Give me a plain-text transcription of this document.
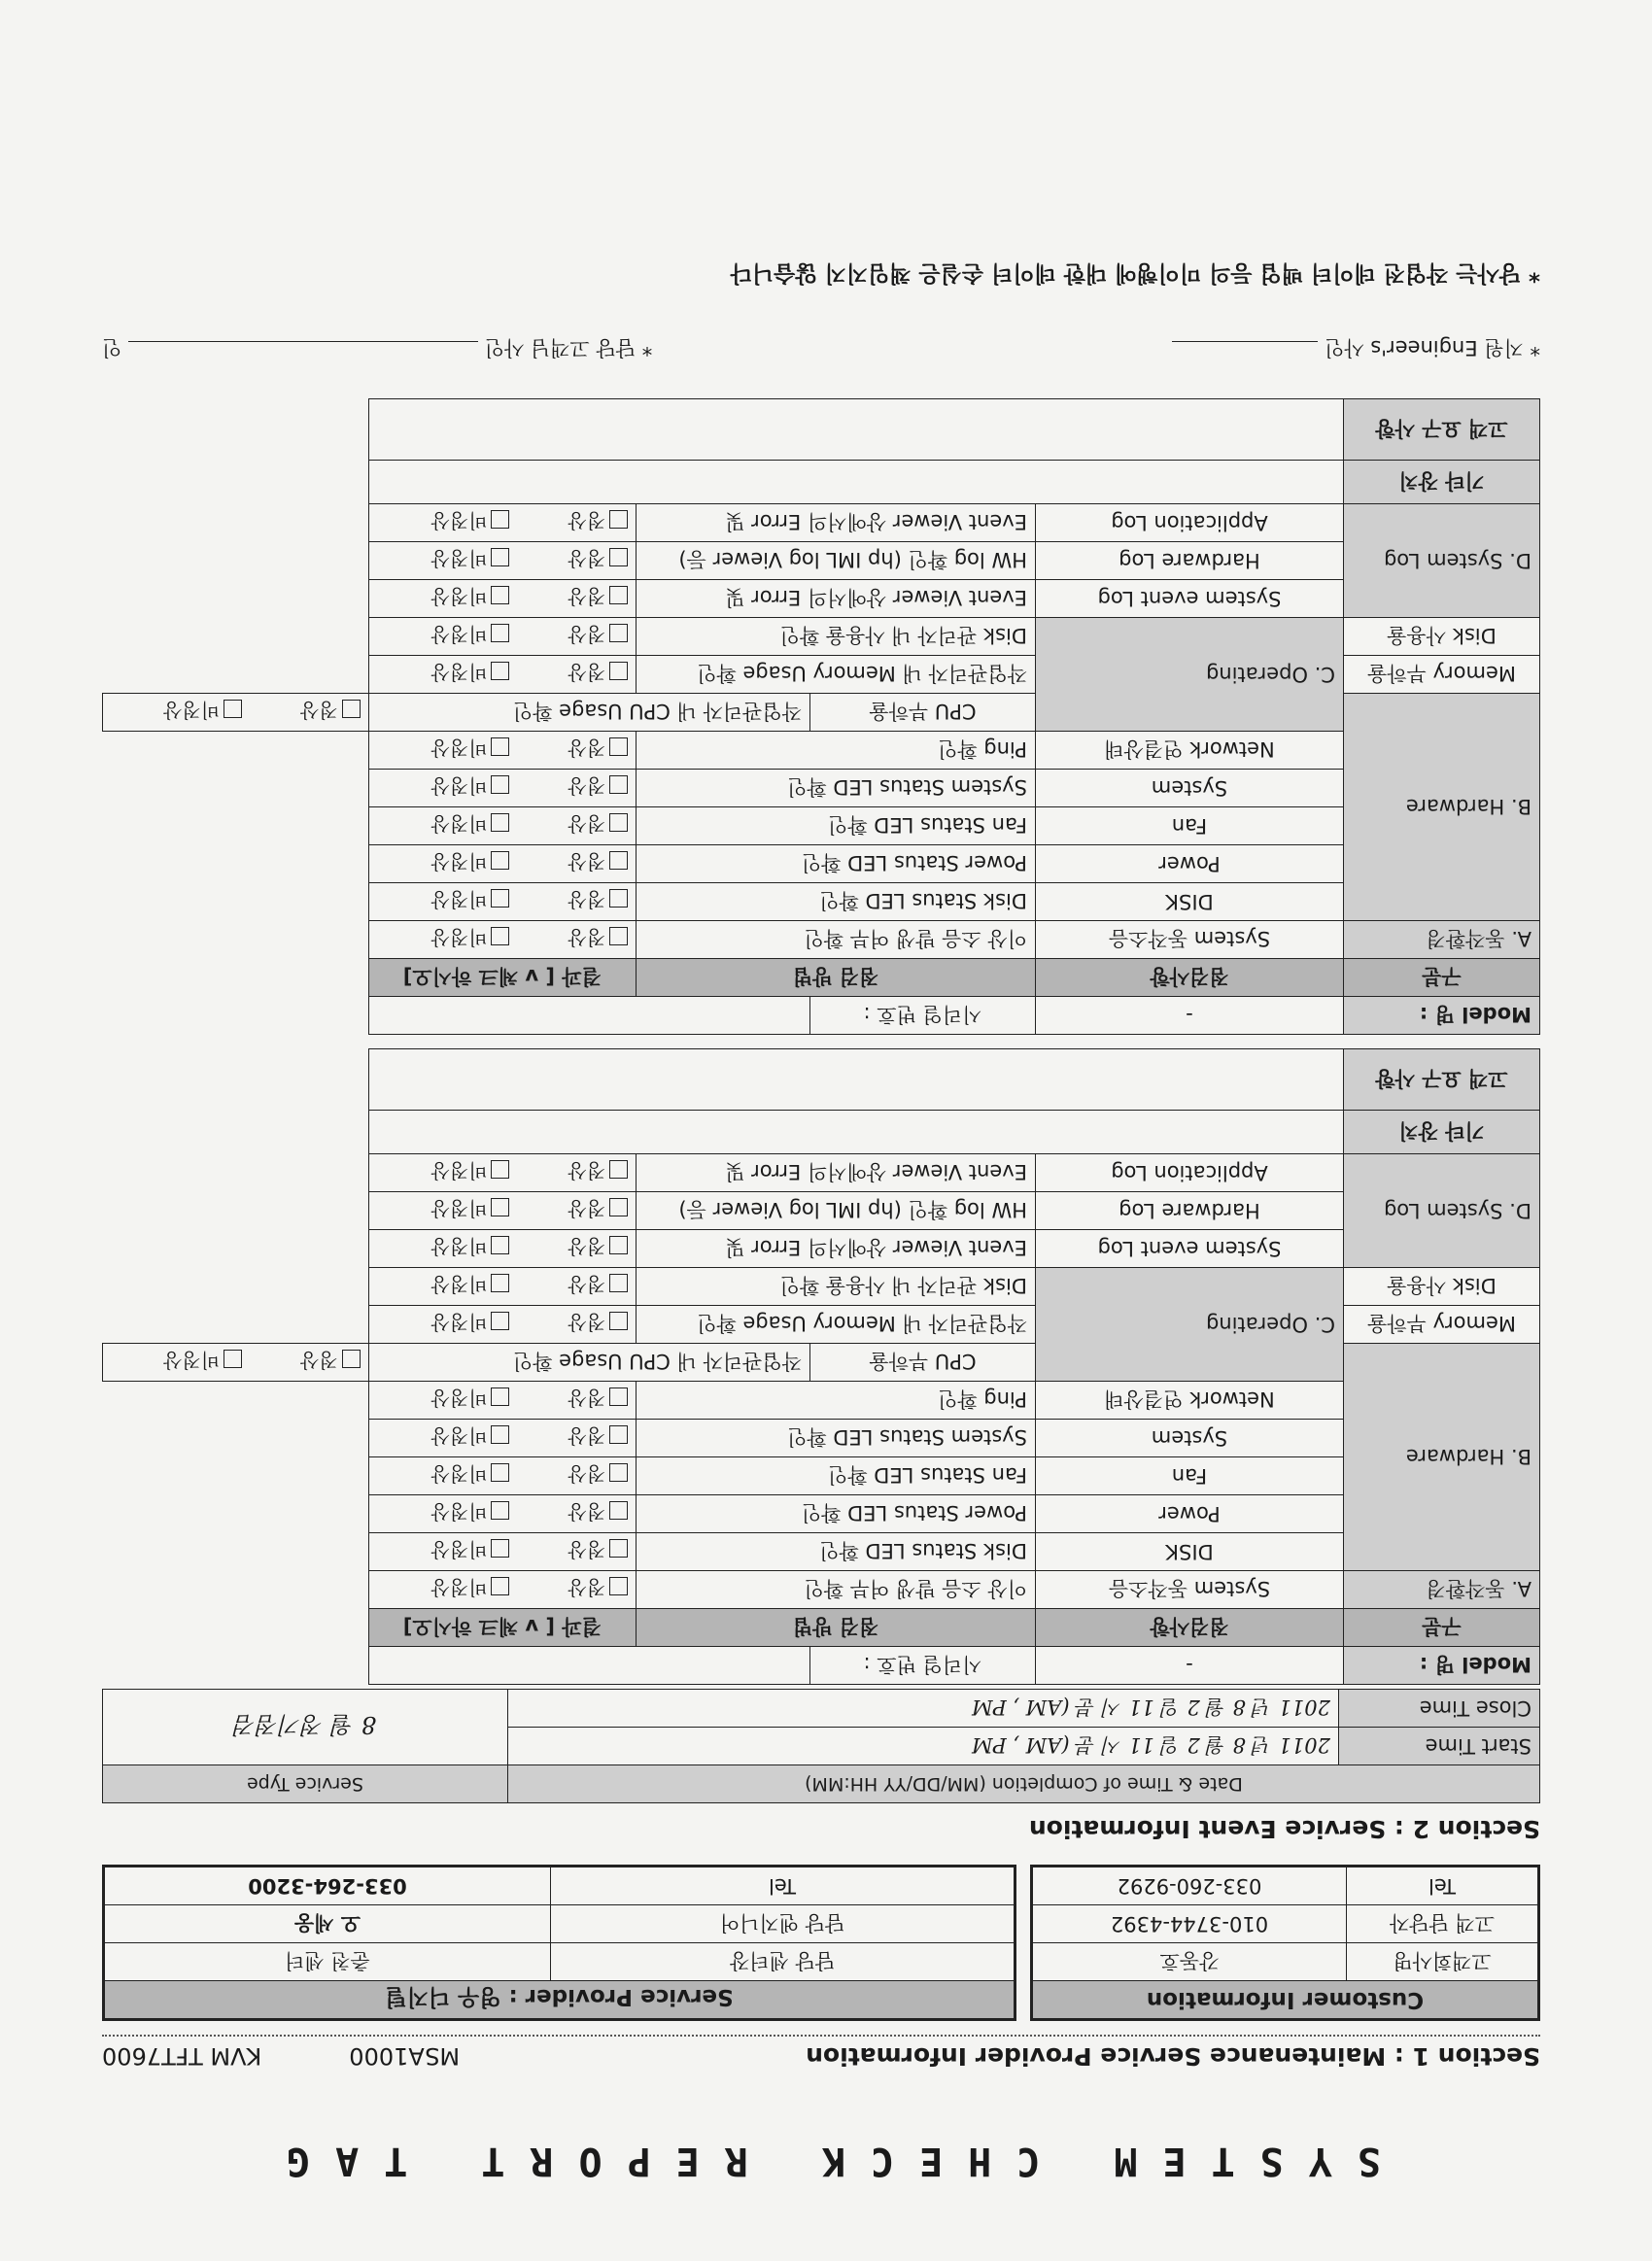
SYSTEM CHECK REPORT TAG
Section 1 : Maintenance Service Provider Information
MSA1000
KVM TFT7600
Customer Information	
고객회사명	강동호
고객 담당자	010-3744-4392
Tel	033-260-9292
Service Provider : 영우 디지털	
담당 센터장	춘천 센터
담당 엔지니어	오 세웅
Tel	033-264-3200
Section 2 : Service Event Information
Date & Time of Completion (MM/DD/YY HH:MM)		Service Type
Start Time	2011 년 8 월 2 일 11 시 분 (AM , PM	8 월 정기점검
Close Time	2011 년 8 월 2 일 11 시 분 (AM , PM	
Model 명 :	-	시리얼 번호 :			
구분	점검사항	점검 방법		결과 [ v 체크 하시오]	
A. 동작환경	System 동작소음	이상 소음 발생 여부 확인		정상비정상	
B. Hardware	DISK	Disk Status LED 확인		정상비정상	
	Power	Power Status LED 확인		정상비정상	
	Fan	Fan Status LED 확인		정상비정상	
	System	System Status LED 확인		정상비정상	
	Network 연결상태	Ping 확인		정상비정상	
	C. Operating	CPU 부하율	작업관리자 내 CPU Usage 확인		정상비정상
Memory 부하율		작업관리자 내 Memory Usage 확인		정상비정상	
Disk 사용율		Disk 관리자 내 사용율 확인		정상비정상	
D. System Log	System event Log	Event Viewer 상에서의 Error 및		정상비정상	
	Hardware Log	HW log 확인 (hp IML log Viewer 등)		정상비정상	
	Application Log	Event Viewer 상에서의 Error 및		정상비정상	
기타 장치					
고객 요구 사항					
Model 명 :	-	시리얼 번호 :			
구분	점검사항	점검 방법		결과 [ v 체크 하시오]	
A. 동작환경	System 동작소음	이상 소음 발생 여부 확인		정상비정상	
B. Hardware	DISK	Disk Status LED 확인		정상비정상	
	Power	Power Status LED 확인		정상비정상	
	Fan	Fan Status LED 확인		정상비정상	
	System	System Status LED 확인		정상비정상	
	Network 연결상태	Ping 확인		정상비정상	
	C. Operating	CPU 부하율	작업관리자 내 CPU Usage 확인		정상비정상
Memory 부하율		작업관리자 내 Memory Usage 확인		정상비정상	
Disk 사용율		Disk 관리자 내 사용율 확인		정상비정상	
D. System Log	System event Log	Event Viewer 상에서의 Error 및		정상비정상	
	Hardware Log	HW log 확인 (hp IML log Viewer 등)		정상비정상	
	Application Log	Event Viewer 상에서의 Error 및		정상비정상	
기타 장치					
고객 요구 사항					
* 지원 Engineer's 사인
* 담당 고객님 사인  인
* 당사는 작업전 데이터 백업 등의 미이행에 대한 데이터 손실은 책임지지 않습니다
